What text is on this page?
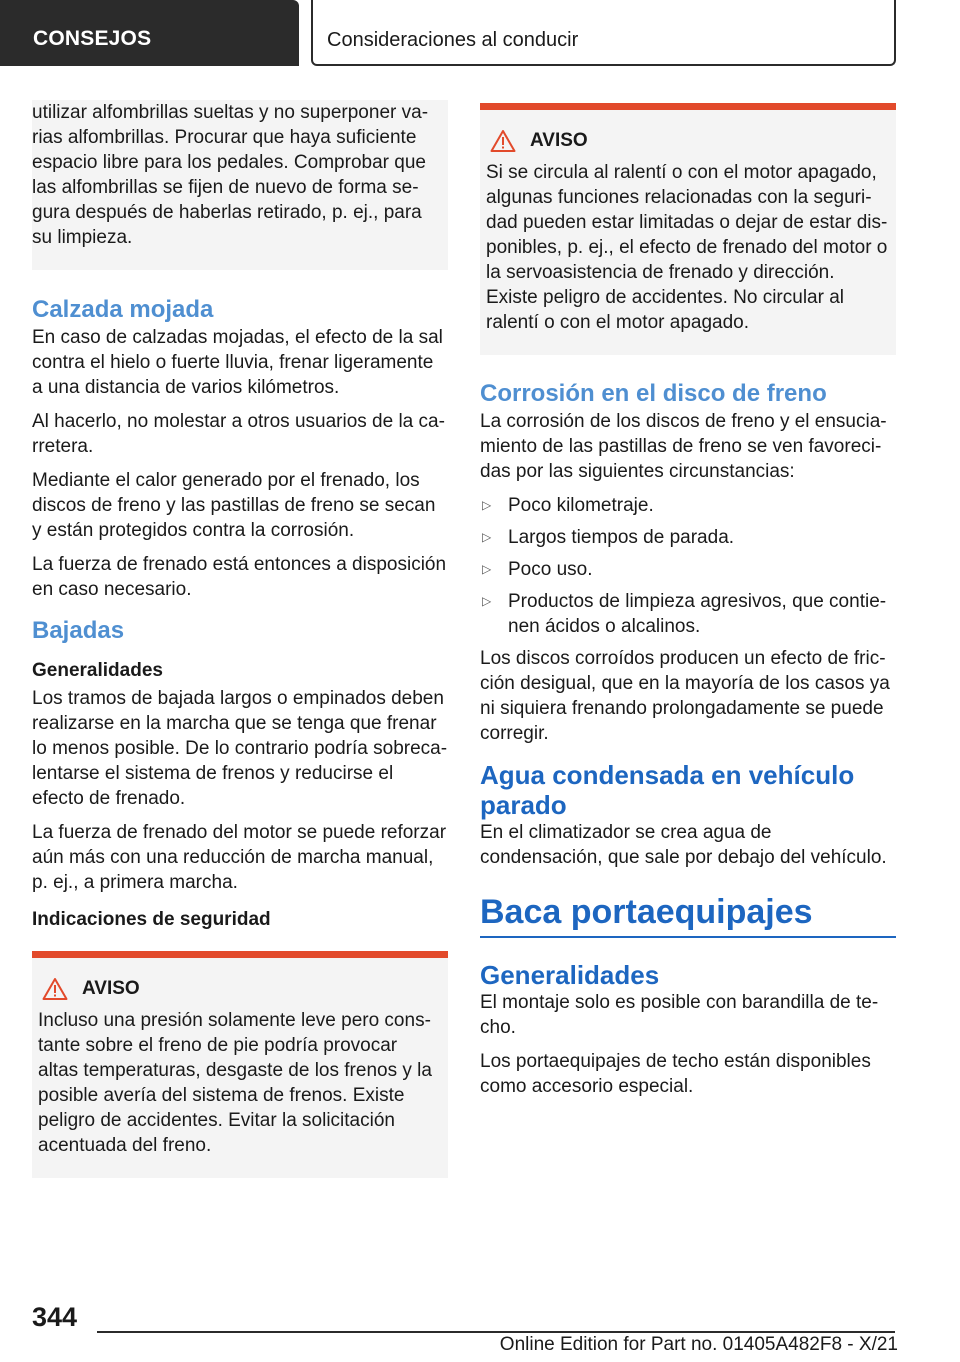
CONSEJOS	Consideraciones al conducir

utilizar alfombrillas sueltas y no superponer varias alfombrillas. Procurar que haya suficiente espacio libre para los pedales. Comprobar que las alfombrillas se fijen de nuevo de forma segura después de haberlas retirado, p. ej., para su limpieza.

Calzada mojada

En caso de calzadas mojadas, el efecto de la sal contra el hielo o fuerte lluvia, frenar ligeramente a una distancia de varios kilómetros.

Al hacerlo, no molestar a otros usuarios de la carretera.

Mediante el calor generado por el frenado, los discos de freno y las pastillas de freno se secan y están protegidos contra la corrosión.

La fuerza de frenado está entonces a disposición en caso necesario.

Bajadas
Generalidades

Los tramos de bajada largos o empinados deben realizarse en la marcha que se tenga que frenar lo menos posible. De lo contrario podría sobrecalentarse el sistema de frenos y reducirse el efecto de frenado.

La fuerza de frenado del motor se puede reforzar aún más con una reducción de marcha manual, p. ej., a primera marcha.

Indicaciones de seguridad
AVISO

Incluso una presión solamente leve pero constante sobre el freno de pie podría provocar altas temperaturas, desgaste de los frenos y la posible avería del sistema de frenos. Existe peligro de accidentes. Evitar la solicitación acentuada del freno.

AVISO

Si se circula al ralentí o con el motor apagado, algunas funciones relacionadas con la seguridad pueden estar limitadas o dejar de estar disponibles, p. ej., el efecto de frenado del motor o la servoasistencia de frenado y dirección. Existe peligro de accidentes. No circular al ralentí o con el motor apagado.

Corrosión en el disco de freno

La corrosión de los discos de freno y el ensuciamiento de las pastillas de freno se ven favorecidas por las siguientes circunstancias:

▷ Poco kilometraje.
▷ Largos tiempos de parada.
▷ Poco uso.
▷ Productos de limpieza agresivos, que contienen ácidos o alcalinos.

Los discos corroídos producen un efecto de fricción desigual, que en la mayoría de los casos ya ni siquiera frenando prolongadamente se puede corregir.

Agua condensada en vehículo parado

En el climatizador se crea agua de condensación, que sale por debajo del vehículo.

Baca portaequipajes
Generalidades

El montaje solo es posible con barandilla de techo.

Los portaequipajes de techo están disponibles como accesorio especial.

344
Online Edition for Part no. 01405A482F8 - X/21
